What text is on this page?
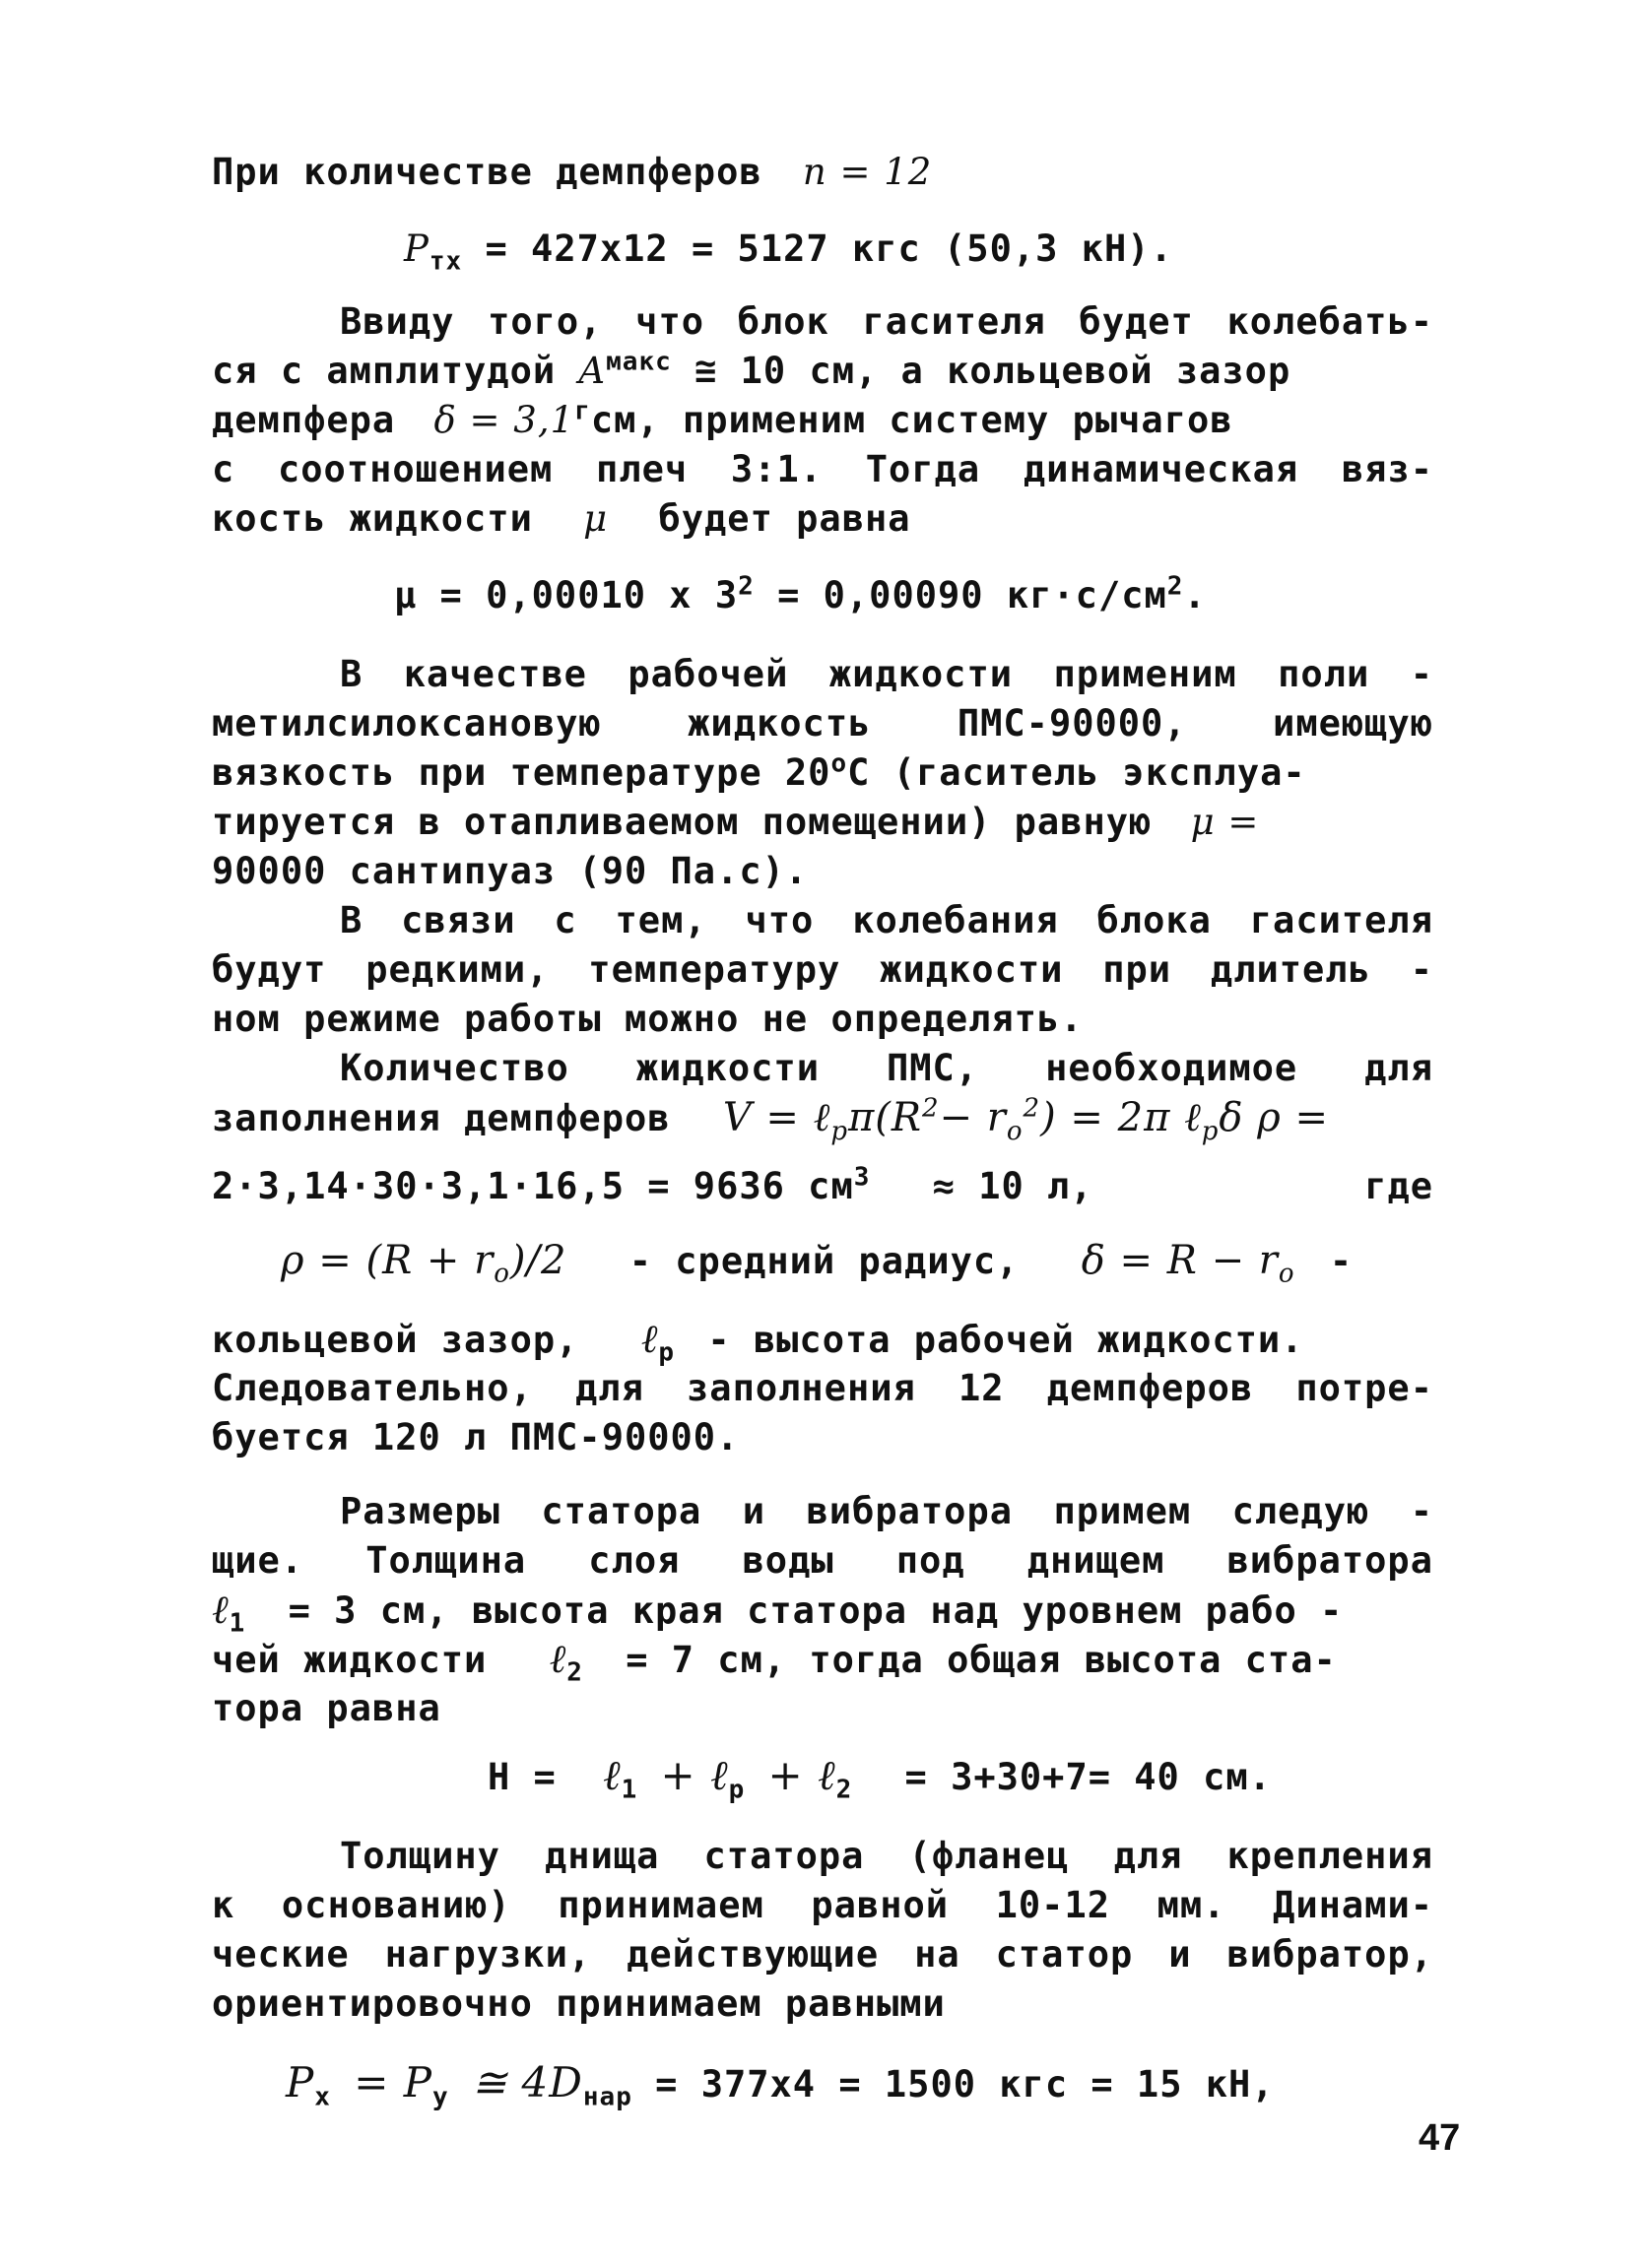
При количестве демпферов n = 12
$P_{тх} = 427x12 = 5127$ кгс (50,3 кН).
Ввиду того, что блок гасителя будет колебать-
ся с амплитудой $A^{макс}$ ≅ 10 см, а кольцевой зазор
демпфера $\delta = 3,1^гсм$, применим систему рычагов
с соотношением плеч 3:1. Тогда динамическая вяз-
кость жидкости μ будет равна
μ = 0,00010 x $3^2 = 0,00090$ $кг\cdot с/см^2$.
В качестве рабочей жидкости применим поли -
метилсилоксановую жидкость ПМС-90000, имеющую
вязкость при температуре $20^оС$ (гаситель эксплуа-
тируется в отапливаемом помещении) равную μ =
90000 сантипуаз (90 Па.с).
В связи с тем, что колебания блока гасителя
будут редкими, температуру жидкости при длитель -
ном режиме работы можно не определять.
Количество жидкости ПМС, необходимое для
заполнения демпферов $V = \ell_p\pi(R^2- r_o^2) = 2\pi$ ℓ$_p$δ ρ =
2·3,14·30·3,1·16,5 = 9636 $см^3 \approx 10$ л,	где
$\rho = (R + r_o)/2$ - средний радиус, $\delta = R - r_o$ -
кольцевой зазор, ℓ$_p$ - высота рабочей жидкости.
Следовательно, для заполнения 12 демпферов потре-
буется 120 л ПМС-90000.
Размеры статора и вибратора примем следую -
щие. Толщина слоя воды под днищем вибратора
ℓ$_1$ = 3 см, высота края статора над уровнем рабо -
чей жидкости ℓ$_2$ = 7 см, тогда общая высота ста-
тора равна
H = ℓ$_1$ + ℓ$_p$ + ℓ$_2$ = 3+30+7= 40 см.
Толщину днища статора (фланец для крепления
к основанию) принимаем равной 10-12 мм. Динами-
ческие нагрузки, действующие на статор и вибратор,
ориентировочно принимаем равными
$P_x = P_y$ ≅ $4D_{нар} = 377x4 = 1500$ кгс = 15 кН,
47
